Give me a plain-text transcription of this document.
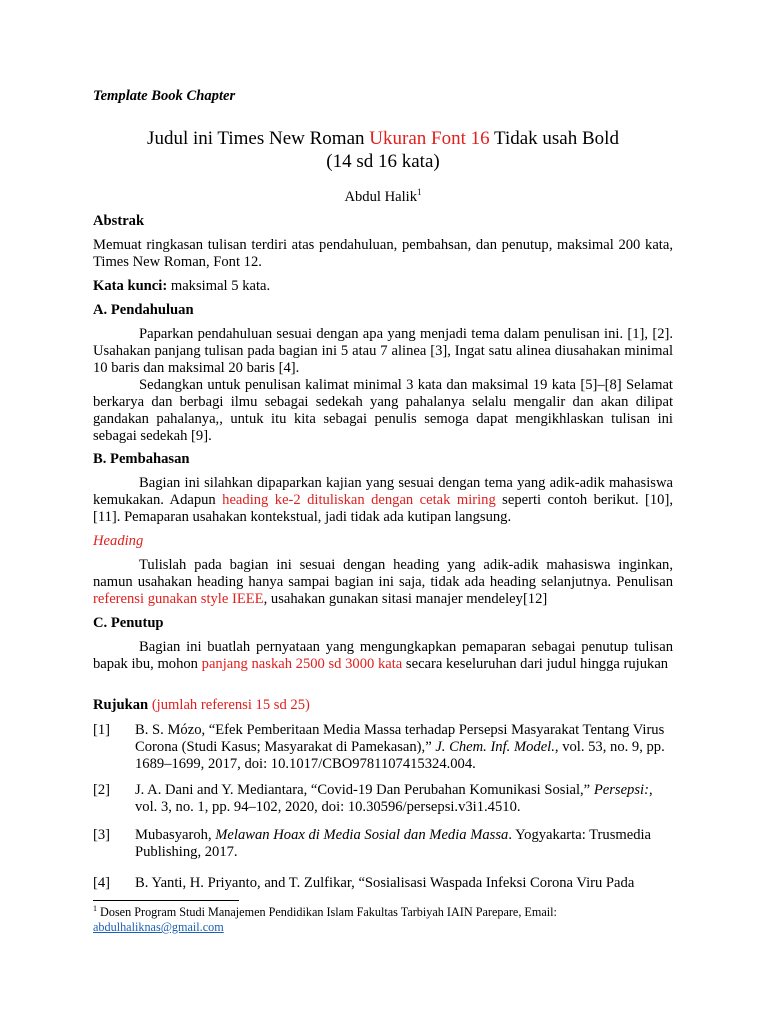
Template Book Chapter
Judul ini Times New Roman Ukuran Font 16 Tidak usah Bold
(14 sd 16 kata)
Abdul Halik$^1$
Abstrak
Memuat ringkasan tulisan terdiri atas pendahuluan, pembahsan, dan penutup, maksimal 200 kata, Times New Roman, Font 12.
Kata kunci: maksimal 5 kata.
A. Pendahuluan
Paparkan pendahuluan sesuai dengan apa yang menjadi tema dalam penulisan ini. [1], [2]. Usahakan panjang tulisan pada bagian ini 5 atau 7 alinea [3], Ingat satu alinea diusahakan minimal 10 baris dan maksimal 20 baris [4].
Sedangkan untuk penulisan kalimat minimal 3 kata dan maksimal 19 kata [5]–[8] Selamat berkarya dan berbagi ilmu sebagai sedekah yang pahalanya selalu mengalir dan akan dilipat gandakan pahalanya,, untuk itu kita sebagai penulis semoga dapat mengikhlaskan tulisan ini sebagai sedekah [9].
B. Pembahasan
Bagian ini silahkan dipaparkan kajian yang sesuai dengan tema yang adik-adik mahasiswa kemukakan. Adapun heading ke-2 dituliskan dengan cetak miring seperti contoh berikut. [10], [11]. Pemaparan usahakan kontekstual, jadi tidak ada kutipan langsung.
Heading
Tulislah pada bagian ini sesuai dengan heading yang adik-adik mahasiswa inginkan, namun usahakan heading hanya sampai bagian ini saja, tidak ada heading selanjutnya. Penulisan referensi gunakan style IEEE, usahakan gunakan sitasi manajer mendeley[12]
C. Penutup
Bagian ini buatlah pernyataan yang mengungkapkan pemaparan sebagai penutup tulisan bapak ibu, mohon panjang naskah 2500 sd 3000 kata secara keseluruhan dari judul hingga rujukan
Rujukan (jumlah referensi 15 sd 25)
[1] B. S. Mózo, “Efek Pemberitaan Media Massa terhadap Persepsi Masyarakat Tentang Virus Corona (Studi Kasus; Masyarakat di Pamekasan),” J. Chem. Inf. Model., vol. 53, no. 9, pp. 1689–1699, 2017, doi: 10.1017/CBO9781107415324.004.
[2] J. A. Dani and Y. Mediantara, “Covid-19 Dan Perubahan Komunikasi Sosial,” Persepsi:, vol. 3, no. 1, pp. 94–102, 2020, doi: 10.30596/persepsi.v3i1.4510.
[3] Mubasyaroh, Melawan Hoax di Media Sosial dan Media Massa. Yogyakarta: Trusmedia Publishing, 2017.
[4] B. Yanti, H. Priyanto, and T. Zulfikar, “Sosialisasi Waspada Infeksi Corona Viru Pada
$^1$ Dosen Program Studi Manajemen Pendidikan Islam Fakultas Tarbiyah IAIN Parepare, Email:
abdulhaliknas@gmail.com
